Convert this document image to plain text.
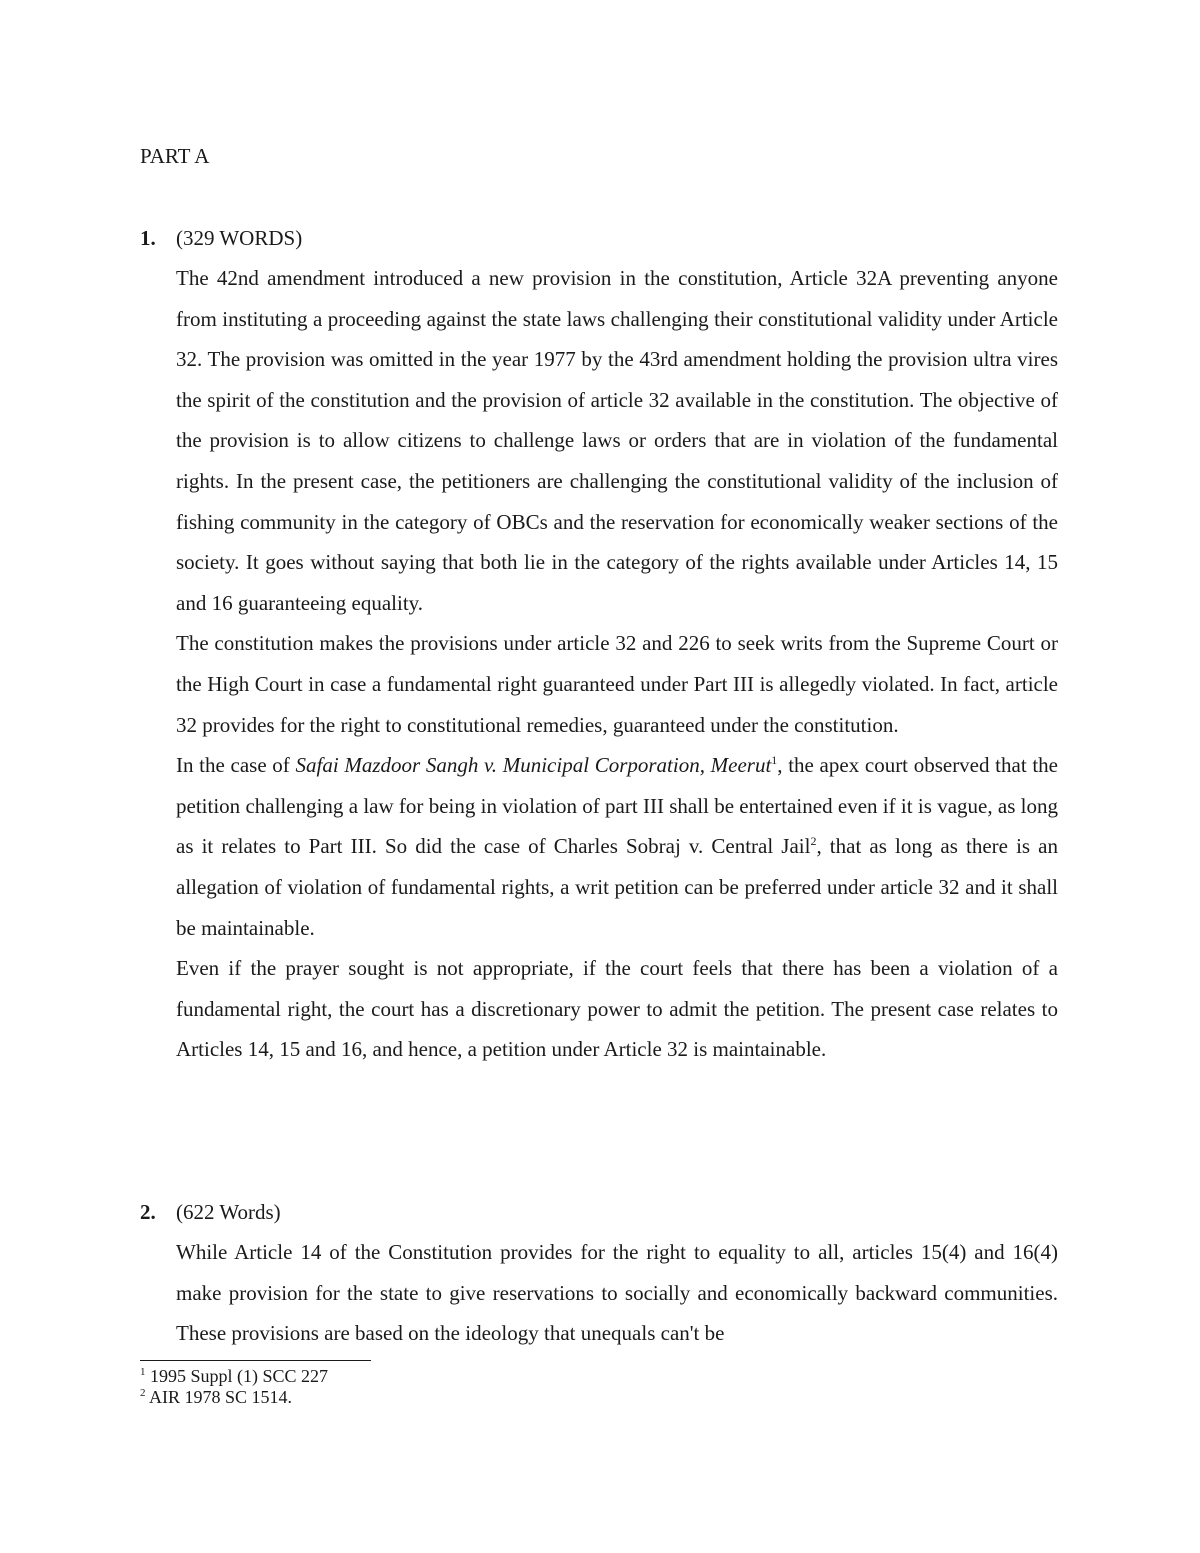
PART A
1. (329 WORDS)

The 42nd amendment introduced a new provision in the constitution, Article 32A preventing anyone from instituting a proceeding against the state laws challenging their constitutional validity under Article 32. The provision was omitted in the year 1977 by the 43rd amendment holding the provision ultra vires the spirit of the constitution and the provision of article 32 available in the constitution. The objective of the provision is to allow citizens to challenge laws or orders that are in violation of the fundamental rights. In the present case, the petitioners are challenging the constitutional validity of the inclusion of fishing community in the category of OBCs and the reservation for economically weaker sections of the society. It goes without saying that both lie in the category of the rights available under Articles 14, 15 and 16 guaranteeing equality.

The constitution makes the provisions under article 32 and 226 to seek writs from the Supreme Court or the High Court in case a fundamental right guaranteed under Part III is allegedly violated. In fact, article 32 provides for the right to constitutional remedies, guaranteed under the constitution.

In the case of Safai Mazdoor Sangh v. Municipal Corporation, Meerut$^1$, the apex court observed that the petition challenging a law for being in violation of part III shall be entertained even if it is vague, as long as it relates to Part III. So did the case of Charles Sobraj v. Central Jail$^2$, that as long as there is an allegation of violation of fundamental rights, a writ petition can be preferred under article 32 and it shall be maintainable.

Even if the prayer sought is not appropriate, if the court feels that there has been a violation of a fundamental right, the court has a discretionary power to admit the petition. The present case relates to Articles 14, 15 and 16, and hence, a petition under Article 32 is maintainable.

2. (622 Words)

While Article 14 of the Constitution provides for the right to equality to all, articles 15(4) and 16(4) make provision for the state to give reservations to socially and economically backward communities. These provisions are based on the ideology that unequals can't be

$^1$ 1995 Suppl (1) SCC 227
$^2$ AIR 1978 SC 1514.
